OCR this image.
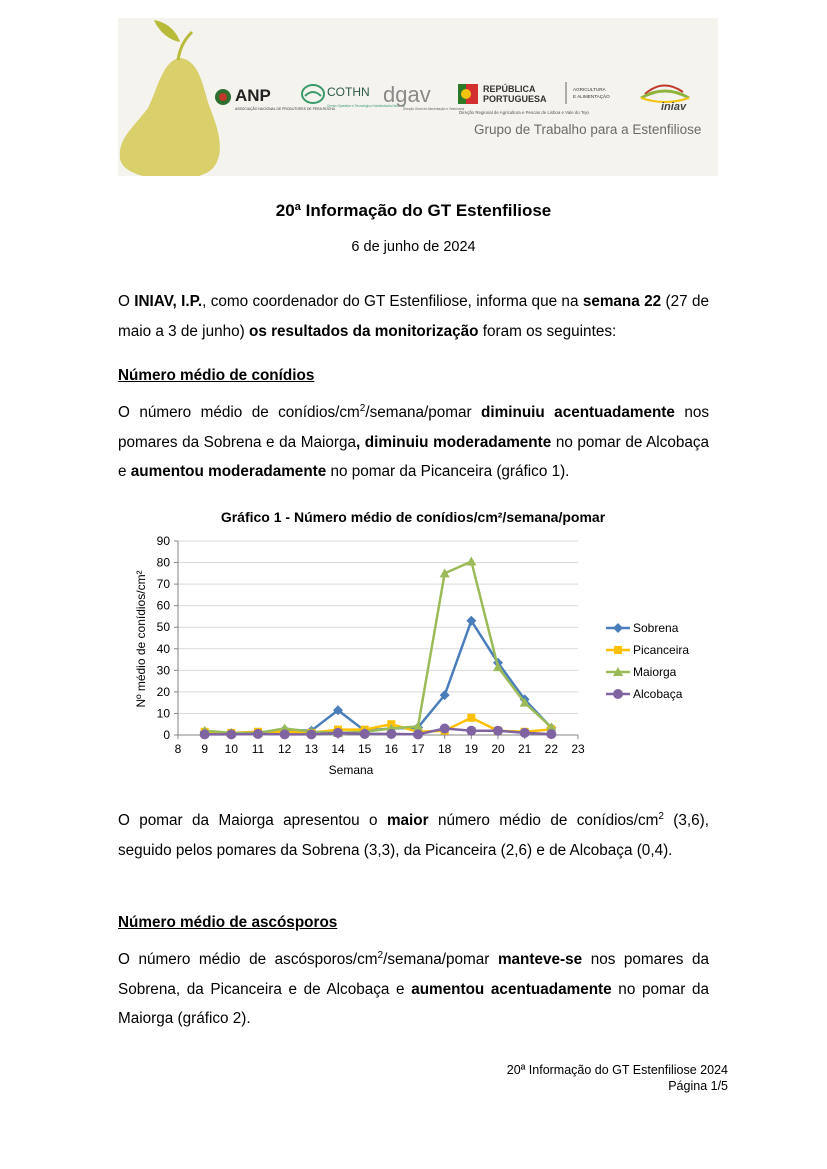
ANP
ASSOCIAÇÃO NACIONAL DE PRODUTORES DE PERA ROCHA
COTHN
Centro Operativo e Tecnológico Hortofrutícola Nacional
dgav
Direção Geral de Alimentação e Veterinária
REPÚBLICA
PORTUGUESA
AGRICULTURA
E ALIMENTAÇÃO
Direção Regional de Agricultura e Pescas de Lisboa e Vale do Tejo	iniav
Grupo de Trabalho para a Estenfiliose
20ª Informação do GT Estenfiliose
6 de junho de 2024
O INIAV, I.P., como coordenador do GT Estenfiliose, informa que na semana 22 (27 de maio a 3 de junho) os resultados da monitorização foram os seguintes:
Número médio de conídios
O número médio de conídios/$cm^2/semana$/pomar diminuiu acentuadamente nos pomares da Sobrena e da Maiorga, diminuiu moderadamente no pomar de Alcobaça e aumentou moderadamente no pomar da Picanceira (gráfico 1).
Gráfico 1 - Número médio de conídios/cm²/semana/pomar
0
10
20
30
40
50
60
70
80
90
8 9 10 11 12 13 14 15 16 17 18 19 20 21 22 23
Sobrena
Picanceira
Maiorga
Alcobaça
Semana
Nº médio de conídios/cm²
O pomar da Maiorga apresentou o maior número médio de conídios/$cm^2$ (3,6), seguido pelos pomares da Sobrena (3,3), da Picanceira (2,6) e de Alcobaça (0,4).
Número médio de ascósporos
O número médio de ascósporos/$cm^2/semana$/pomar manteve-se nos pomares da Sobrena, da Picanceira e de Alcobaça e aumentou acentuadamente no pomar da Maiorga (gráfico 2).
20ª Informação do GT Estenfiliose 2024
Página 1/5
